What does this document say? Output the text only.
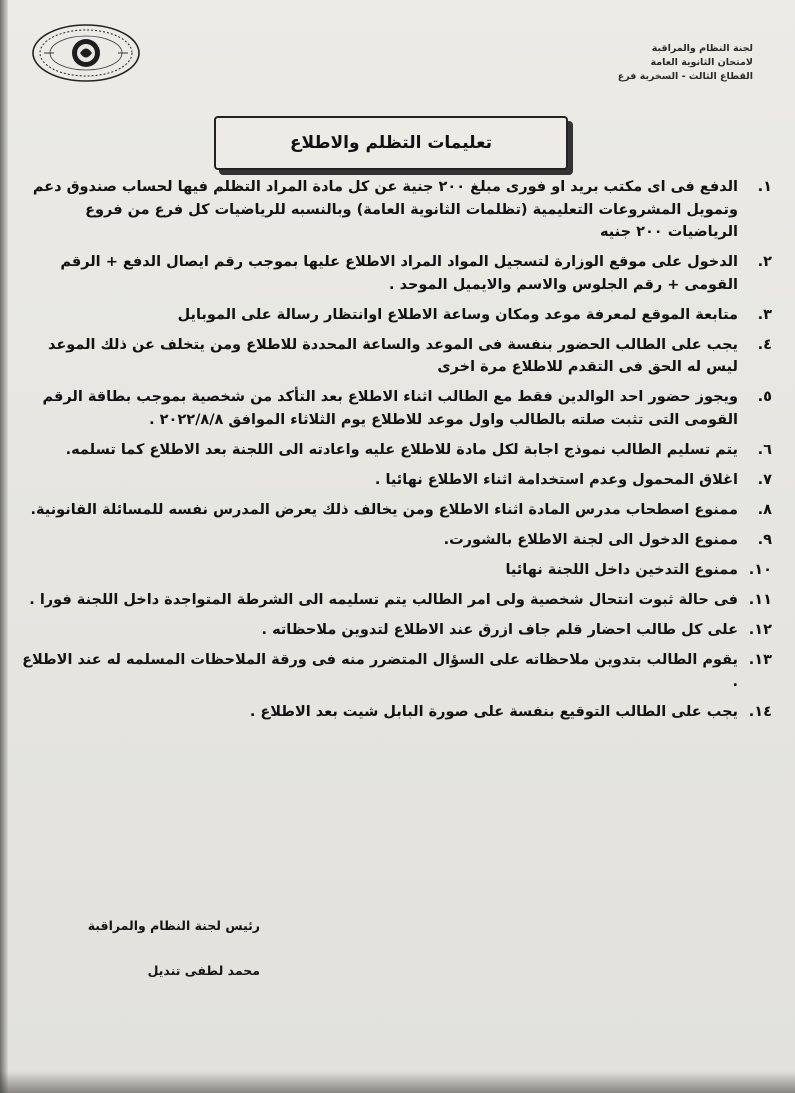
لجنة النظام والمراقبة
لامتحان الثانوية العامة
القطاع الثالث - السخرية فرع
تعليمات التظلم والاطلاع
١.
الدفع فى اى مكتب بريد او فورى مبلغ ٢٠٠ جنية عن كل مادة المراد التظلم فيها لحساب صندوق دعم وتمويل المشروعات التعليمية (تظلمات الثانوية العامة) وبالنسبه للرياضيات كل فرع من فروع الرياضيات ٢٠٠ جنيه
٢.
الدخول على موقع الوزارة لتسجيل المواد المراد الاطلاع عليها بموجب رقم ايصال الدفع + الرقم القومى + رقم الجلوس والاسم والايميل الموحد .
٣.
متابعة الموقع لمعرفة موعد ومكان وساعة الاطلاع اوانتظار رسالة على الموبايل
٤.
يجب على الطالب الحضور بنفسة فى الموعد والساعة المحددة للاطلاع ومن يتخلف عن ذلك الموعد ليس له الحق فى التقدم للاطلاع مرة اخرى
٥.
ويجوز حضور احد الوالدين فقط مع الطالب اثناء الاطلاع بعد التأكد من شخصية بموجب بطاقة الرقم القومى التى تثبت صلته بالطالب واول موعد للاطلاع يوم الثلاثاء الموافق ٢٠٢٢/٨/٨ .
٦.
يتم تسليم الطالب نموذج اجابة لكل مادة للاطلاع عليه واعادته الى اللجنة بعد الاطلاع كما تسلمه.
٧.
اغلاق المحمول وعدم استخدامة اثناء الاطلاع نهائيا .
٨.
ممنوع اصطحاب مدرس المادة اثناء الاطلاع ومن يخالف ذلك يعرض المدرس نفسه للمسائلة القانونية.
٩.
ممنوع الدخول الى لجنة الاطلاع بالشورت.
١٠.
ممنوع التدخين داخل اللجنة نهائيا
١١.
فى حالة ثبوت انتحال شخصية ولى امر الطالب يتم تسليمه الى الشرطة المتواجدة داخل اللجنة فورا .
١٢.
على كل طالب احضار قلم جاف ازرق عند الاطلاع لتدوين ملاحظاته .
١٣.
يقوم الطالب بتدوين ملاحظاته على السؤال المتضرر منه فى ورقة الملاحظات المسلمه له عند الاطلاع .
١٤.
يجب على الطالب التوقيع بنفسة على صورة البابل شيت بعد الاطلاع .
رئيس لجنة النظام والمراقبة
محمد لطفى تنديل
